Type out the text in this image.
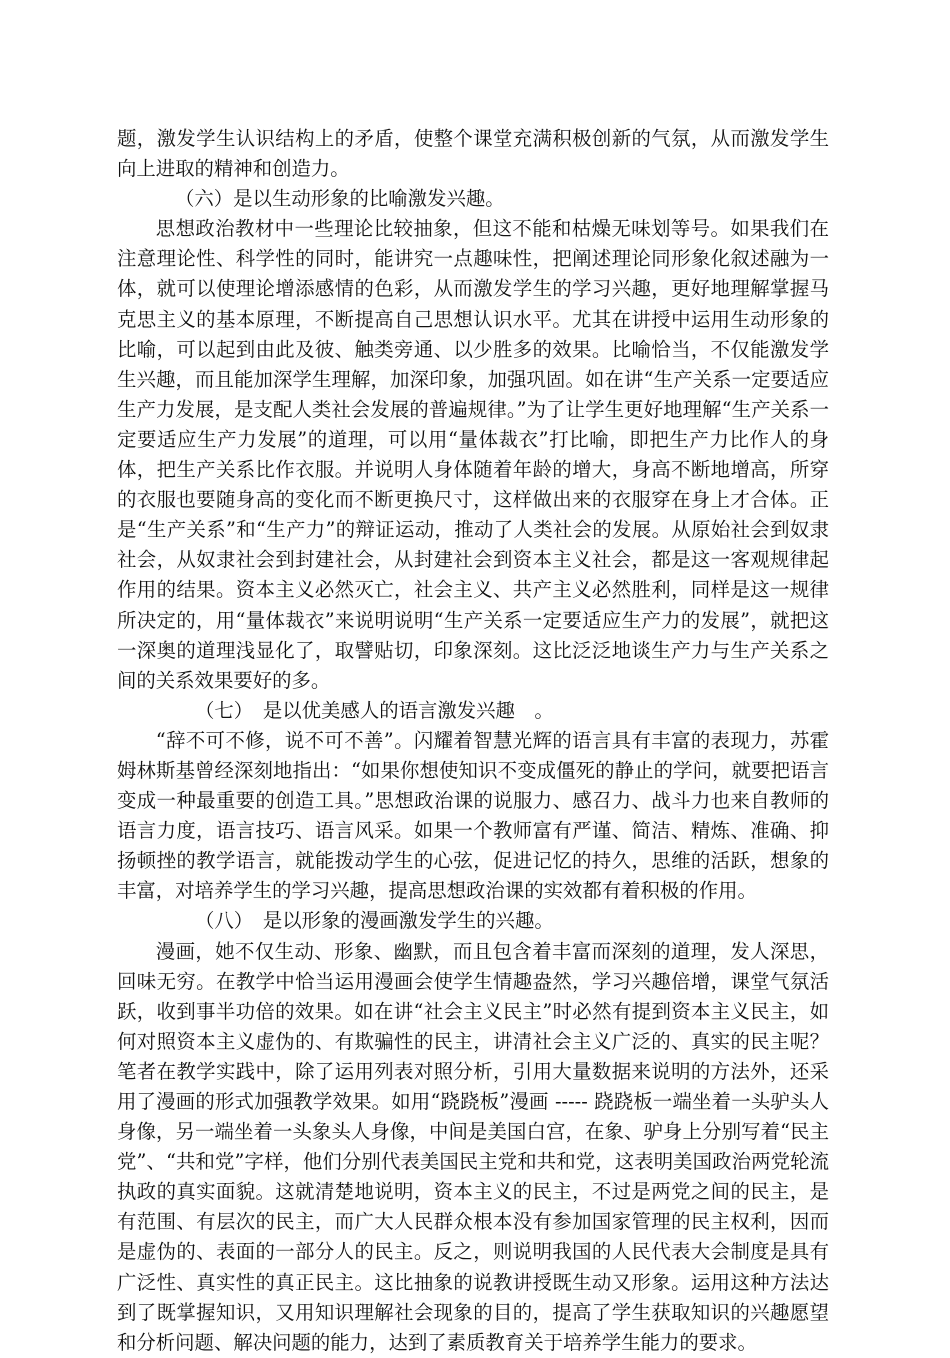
题，激发学生认识结构上的矛盾，使整个课堂充满积极创新的气氛，从而激发学生向上进取的精神和创造力。

（六）是以生动形象的比喻激发兴趣。

思想政治教材中一些理论比较抽象，但这不能和枯燥无味划等号。如果我们在注意理论性、科学性的同时，能讲究一点趣味性，把阐述理论同形象化叙述融为一体，就可以使理论增添感情的色彩，从而激发学生的学习兴趣，更好地理解掌握马克思主义的基本原理，不断提高自己思想认识水平。尤其在讲授中运用生动形象的比喻，可以起到由此及彼、触类旁通、以少胜多的效果。比喻恰当，不仅能激发学生兴趣，而且能加深学生理解，加深印象，加强巩固。如在讲“生产关系一定要适应生产力发展，是支配人类社会发展的普遍规律。”为了让学生更好地理解“生产关系一定要适应生产力发展”的道理，可以用“量体裁衣”打比喻，即把生产力比作人的身体，把生产关系比作衣服。并说明人身体随着年龄的增大，身高不断地增高，所穿的衣服也要随身高的变化而不断更换尺寸，这样做出来的衣服穿在身上才合体。正是“生产关系”和“生产力”的辩证运动，推动了人类社会的发展。从原始社会到奴隶社会，从奴隶社会到封建社会，从封建社会到资本主义社会，都是这一客观规律起作用的结果。资本主义必然灭亡，社会主义、共产主义必然胜利，同样是这一规律所决定的，用“量体裁衣”来说明说明“生产关系一定要适应生产力的发展”，就把这一深奥的道理浅显化了，取譬贴切，印象深刻。这比泛泛地谈生产力与生产关系之间的关系效果要好的多。

（七）　是以优美感人的语言激发兴趣　。

“辞不可不修，说不可不善”。闪耀着智慧光辉的语言具有丰富的表现力，苏霍姆林斯基曾经深刻地指出：“如果你想使知识不变成僵死的静止的学问，就要把语言变成一种最重要的创造工具。”思想政治课的说服力、感召力、战斗力也来自教师的语言力度，语言技巧、语言风采。如果一个教师富有严谨、简洁、精炼、准确、抑扬顿挫的教学语言，就能拨动学生的心弦，促进记忆的持久，思维的活跃，想象的丰富，对培养学生的学习兴趣，提高思想政治课的实效都有着积极的作用。

（八）　是以形象的漫画激发学生的兴趣。

漫画，她不仅生动、形象、幽默，而且包含着丰富而深刻的道理，发人深思，回味无穷。在教学中恰当运用漫画会使学生情趣盎然，学习兴趣倍增，课堂气氛活跃，收到事半功倍的效果。如在讲“社会主义民主”时必然有提到资本主义民主，如何对照资本主义虚伪的、有欺骗性的民主，讲清社会主义广泛的、真实的民主呢？笔者在教学实践中，除了运用列表对照分析，引用大量数据来说明的方法外，还采用了漫画的形式加强教学效果。如用“跷跷板”漫画 ----- 跷跷板一端坐着一头驴头人身像，另一端坐着一头象头人身像，中间是美国白宫，在象、驴身上分别写着“民主党”、“共和党”字样，他们分别代表美国民主党和共和党，这表明美国政治两党轮流执政的真实面貌。这就清楚地说明，资本主义的民主，不过是两党之间的民主，是有范围、有层次的民主，而广大人民群众根本没有参加国家管理的民主权利，因而是虚伪的、表面的一部分人的民主。反之，则说明我国的人民代表大会制度是具有广泛性、真实性的真正民主。这比抽象的说教讲授既生动又形象。运用这种方法达到了既掌握知识，又用知识理解社会现象的目的，提高了学生获取知识的兴趣愿望和分析问题、解决问题的能力，达到了素质教育关于培养学生能力的要求。
